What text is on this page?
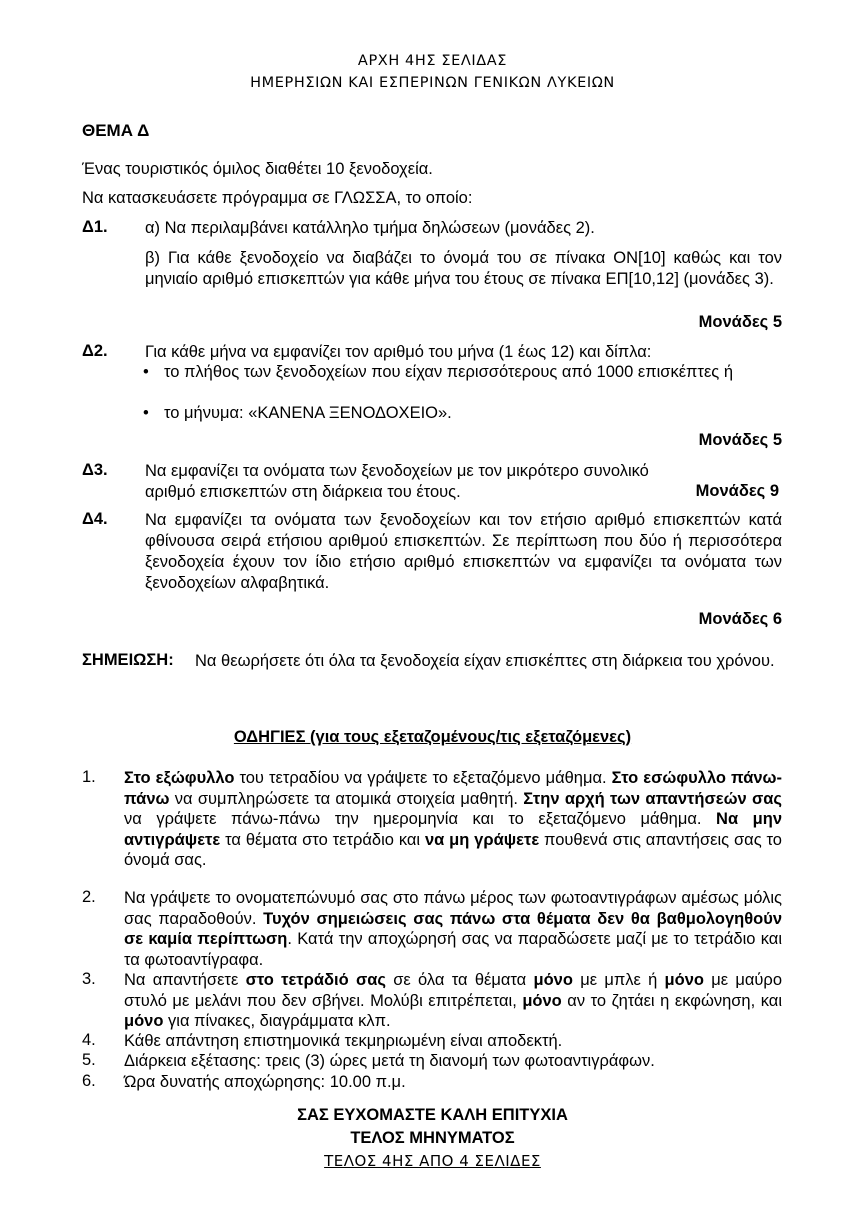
ΑΡΧΗ 4ΗΣ ΣΕΛΙΔΑΣ
ΗΜΕΡΗΣΙΩΝ ΚΑΙ ΕΣΠΕΡΙΝΩΝ ΓΕΝΙΚΩΝ ΛΥΚΕΙΩΝ
ΘΕΜΑ Δ
Ένας τουριστικός όμιλος διαθέτει 10 ξενοδοχεία.
Να κατασκευάσετε πρόγραμμα σε ΓΛΩΣΣΑ, το οποίο:
Δ1. α) Να περιλαμβάνει κατάλληλο τμήμα δηλώσεων (μονάδες 2).
β) Για κάθε ξενοδοχείο να διαβάζει το όνομά του σε πίνακα ΟΝ[10] καθώς και τον μηνιαίο αριθμό επισκεπτών για κάθε μήνα του έτους σε πίνακα ΕΠ[10,12] (μονάδες 3).
Μονάδες 5
Δ2. Για κάθε μήνα να εμφανίζει τον αριθμό του μήνα (1 έως 12) και δίπλα:
• το πλήθος των ξενοδοχείων που είχαν περισσότερους από 1000 επισκέπτες ή
• το μήνυμα: «ΚΑΝΕΝΑ ΞΕΝΟΔΟΧΕΙΟ».
Μονάδες 5
Δ3. Να εμφανίζει τα ονόματα των ξενοδοχείων με τον μικρότερο συνολικό αριθμό επισκεπτών στη διάρκεια του έτους.	Μονάδες 9
Δ4. Να εμφανίζει τα ονόματα των ξενοδοχείων και τον ετήσιο αριθμό επισκεπτών κατά φθίνουσα σειρά ετήσιου αριθμού επισκεπτών. Σε περίπτωση που δύο ή περισσότερα ξενοδοχεία έχουν τον ίδιο ετήσιο αριθμό επισκεπτών να εμφανίζει τα ονόματα των ξενοδοχείων αλφαβητικά.
Μονάδες 6
ΣΗΜΕΙΩΣΗ: Να θεωρήσετε ότι όλα τα ξενοδοχεία είχαν επισκέπτες στη διάρκεια του χρόνου.
ΟΔΗΓΙΕΣ (για τους εξεταζομένους/τις εξεταζόμενες)
1. Στο εξώφυλλο του τετραδίου να γράψετε το εξεταζόμενο μάθημα. Στο εσώφυλλο πάνω-πάνω να συμπληρώσετε τα ατομικά στοιχεία μαθητή. Στην αρχή των απαντήσεών σας να γράψετε πάνω-πάνω την ημερομηνία και το εξεταζόμενο μάθημα. Να μην αντιγράψετε τα θέματα στο τετράδιο και να μη γράψετε πουθενά στις απαντήσεις σας το όνομά σας.
2. Να γράψετε το ονοματεπώνυμό σας στο πάνω μέρος των φωτοαντιγράφων αμέσως μόλις σας παραδοθούν. Τυχόν σημειώσεις σας πάνω στα θέματα δεν θα βαθμολογηθούν σε καμία περίπτωση. Κατά την αποχώρησή σας να παραδώσετε μαζί με το τετράδιο και τα φωτοαντίγραφα.
3. Να απαντήσετε στο τετράδιό σας σε όλα τα θέματα μόνο με μπλε ή μόνο με μαύρο στυλό με μελάνι που δεν σβήνει. Μολύβι επιτρέπεται, μόνο αν το ζητάει η εκφώνηση, και μόνο για πίνακες, διαγράμματα κλπ.
4. Κάθε απάντηση επιστημονικά τεκμηριωμένη είναι αποδεκτή.
5. Διάρκεια εξέτασης: τρεις (3) ώρες μετά τη διανομή των φωτοαντιγράφων.
6. Ώρα δυνατής αποχώρησης: 10.00 π.μ.
ΣΑΣ ΕΥΧΟΜΑΣΤΕ ΚΑΛΗ ΕΠΙΤΥΧΙΑ
ΤΕΛΟΣ ΜΗΝΥΜΑΤΟΣ
ΤΕΛΟΣ 4ΗΣ ΑΠΟ 4 ΣΕΛΙΔΕΣ
